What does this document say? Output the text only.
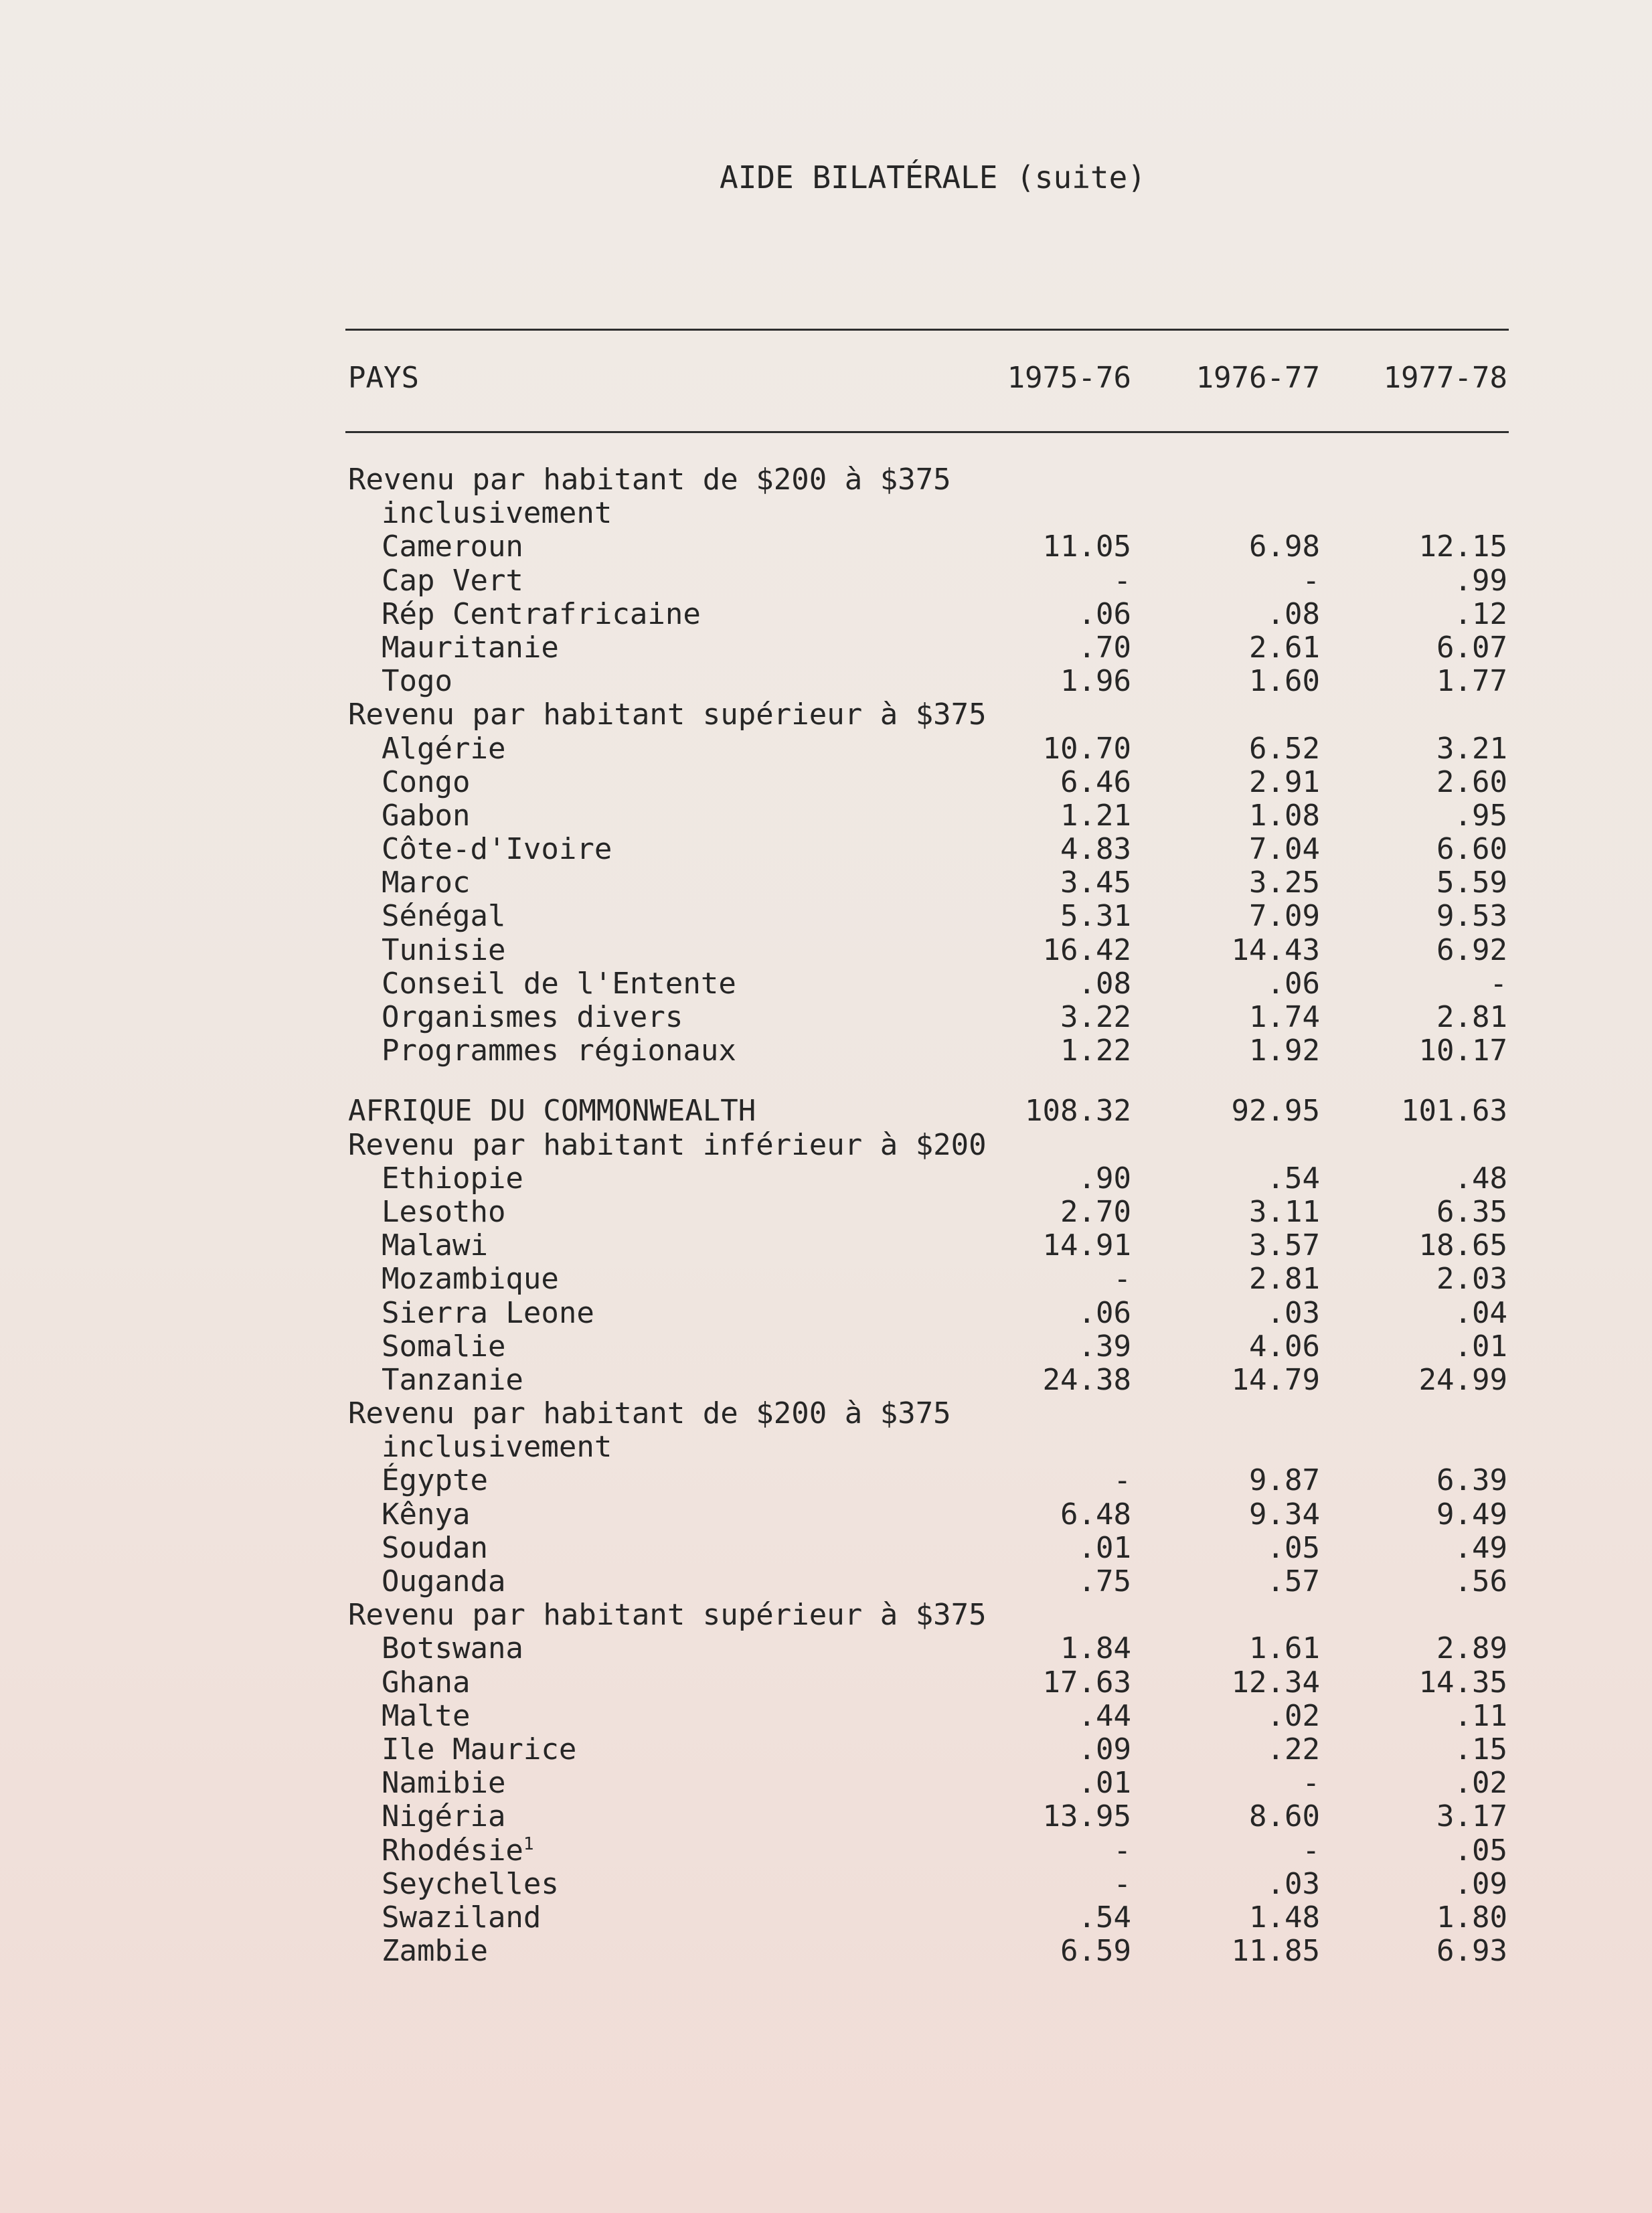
AIDE BILATÉRALE (suite)
PAYS	1975-76	1976-77	1977-78
Revenu par habitant de $200 à $375
inclusivement
Cameroun	11.05	6.98	12.15
Cap Vert	-	-	.99
Rép Centrafricaine	.06	.08	.12
Mauritanie	.70	2.61	6.07
Togo	1.96	1.60	1.77
Revenu par habitant supérieur à $375
Algérie	10.70	6.52	3.21
Congo	6.46	2.91	2.60
Gabon	1.21	1.08	.95
Côte-d'Ivoire	4.83	7.04	6.60
Maroc	3.45	3.25	5.59
Sénégal	5.31	7.09	9.53
Tunisie	16.42	14.43	6.92
Conseil de l'Entente	.08	.06	-
Organismes divers	3.22	1.74	2.81
Programmes régionaux	1.22	1.92	10.17
AFRIQUE DU COMMONWEALTH	108.32	92.95	101.63
Revenu par habitant inférieur à $200
Ethiopie	.90	.54	.48
Lesotho	2.70	3.11	6.35
Malawi	14.91	3.57	18.65
Mozambique	-	2.81	2.03
Sierra Leone	.06	.03	.04
Somalie	.39	4.06	.01
Tanzanie	24.38	14.79	24.99
Revenu par habitant de $200 à $375
inclusivement
Égypte	-	9.87	6.39
Kênya	6.48	9.34	9.49
Soudan	.01	.05	.49
Ouganda	.75	.57	.56
Revenu par habitant supérieur à $375
Botswana	1.84	1.61	2.89
Ghana	17.63	12.34	14.35
Malte	.44	.02	.11
Ile Maurice	.09	.22	.15
Namibie	.01	-	.02
Nigéria	13.95	8.60	3.17
Rhodésie$^1$	-	-	.05
Seychelles	-	.03	.09
Swaziland	.54	1.48	1.80
Zambie	6.59	11.85	6.93
